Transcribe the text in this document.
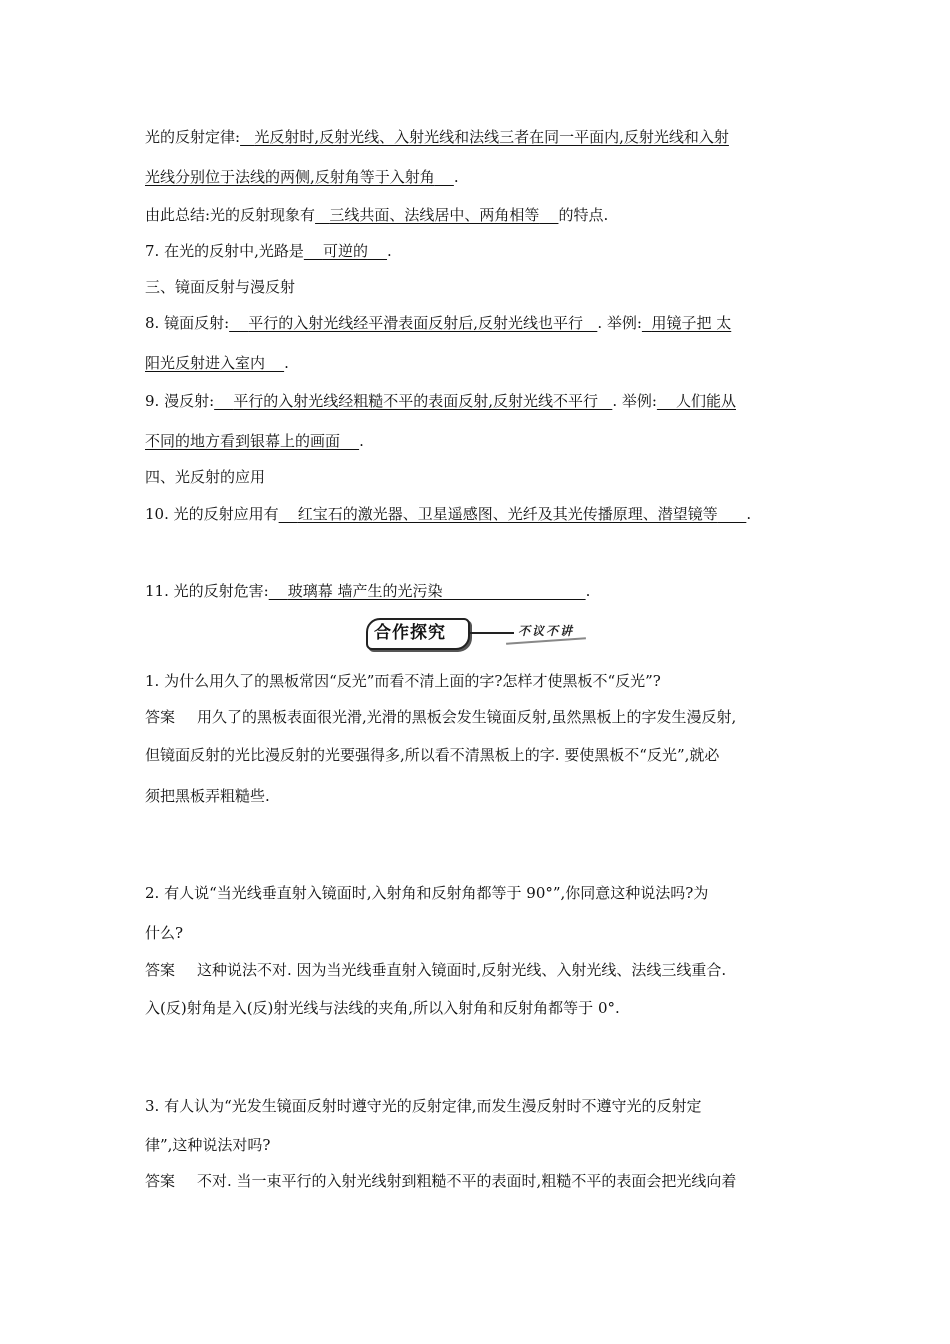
光的反射定律: 光反射时,反射光线、入射光线和法线三者在同一平面内,反射光线和入射
光线分别位于法线的两侧,反射角等于入射角 .
由此总结:光的反射现象有 三线共面、法线居中、两角相等 的特点.
7. 在光的反射中,光路是 可逆的 .
三、镜面反射与漫反射
8. 镜面反射: 平行的入射光线经平滑表面反射后,反射光线也平行 . 举例: 用镜子把 太
阳光反射进入室内 .
9. 漫反射: 平行的入射光线经粗糙不平的表面反射,反射光线不平行 . 举例: 人们能从
不同的地方看到银幕上的画面 .
四、光反射的应用
10. 光的反射应用有 红宝石的激光器、卫星遥感图、光纤及其光传播原理、潜望镜等 .
11. 光的反射危害: 玻璃幕 墙产生的光污染	.
合作探究	不议不讲
1. 为什么用久了的黑板常因“反光”而看不清上面的字?怎样才使黑板不“反光”?
答案 用久了的黑板表面很光滑,光滑的黑板会发生镜面反射,虽然黑板上的字发生漫反射,
但镜面反射的光比漫反射的光要强得多,所以看不清黑板上的字. 要使黑板不“反光”,就必
须把黑板弄粗糙些.
2. 有人说“当光线垂直射入镜面时,入射角和反射角都等于 90°”,你同意这种说法吗?为
什么?
答案 这种说法不对. 因为当光线垂直射入镜面时,反射光线、入射光线、法线三线重合.
入(反)射角是入(反)射光线与法线的夹角,所以入射角和反射角都等于 0°.
3. 有人认为“光发生镜面反射时遵守光的反射定律,而发生漫反射时不遵守光的反射定
律”,这种说法对吗?
答案 不对. 当一束平行的入射光线射到粗糙不平的表面时,粗糙不平的表面会把光线向着
